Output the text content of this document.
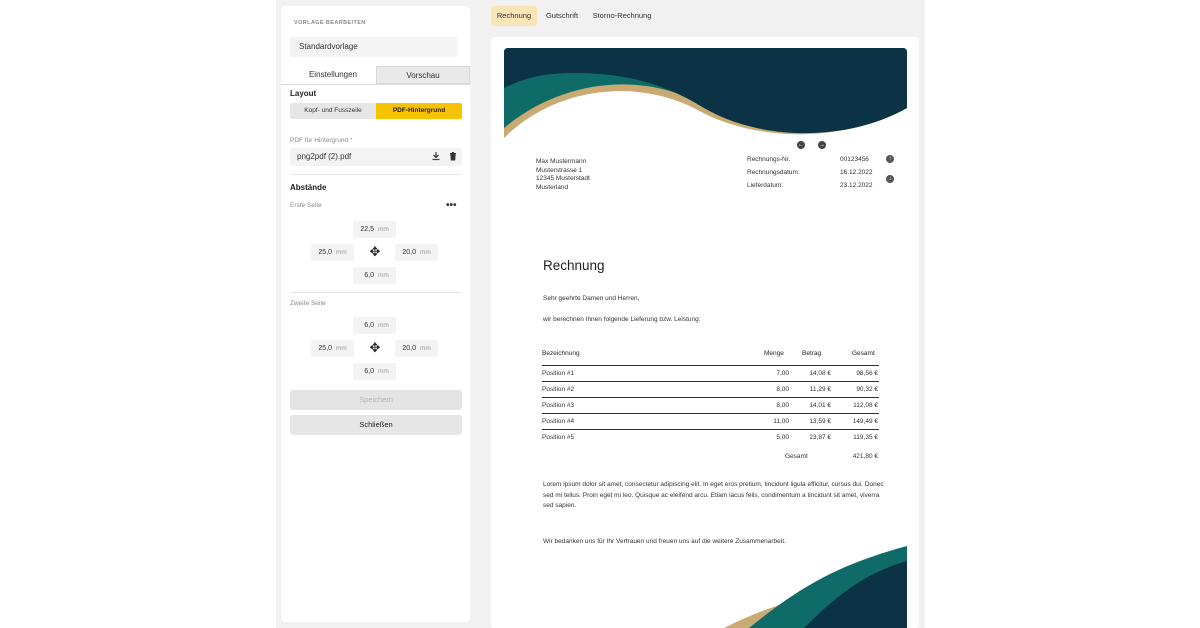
VORLAGE BEARBEITEN
Standardvorlage
Einstellungen	Vorschau
Layout
Kopf- und Fusszeile	PDF-Hintergrund
PDF für Hintergrund *
png2pdf (2).pdf
Abstände
Erste Seite	•••
22,5 mm
25,0 mm ✥	20,0 mm
6,0 mm
Zweite Seite
6,0 mm
25,0 mm ✥	20,0 mm
6,0 mm
Speichern
Schließen
Rechnung	Gutschrift	Storno-Rechnung
←	→
Max Mustermann
Musterstrasse 1
12345 Musterstadt
Musterland
Rechnungs-Nr.	00123456
Rechnungsdatum:	16.12.2022
Lieferdatum:	23.12.2022
↑
↓
Rechnung
Sehr geehrte Damen und Herren,
wir berechnen Ihnen folgende Lieferung bzw. Leistung:
Bezeichnung	Menge	Betrag	Gesamt
Position #1	7,00	14,08 €	98,56 €
Position #2	8,00	11,29 €	90,32 €
Position #3	8,00	14,01 €	112,08 €
Position #4	11,00	13,59 €	149,49 €
Position #5	5,00	23,87 €	119,35 €
Gesamt	421,80 €
Lorem ipsum dolor sit amet, consectetur adipiscing elit. In eget eros pretium, tincidunt ligula efficitur, cursus dui. Donec sed mi tellus. Proin eget mi leo. Quisque ac eleifend arcu. Etiam lacus felis, condimentum a tincidunt sit amet, viverra sed sapien.
Wir bedanken uns für Ihr Vertrauen und freuen uns auf die weitere Zusammenarbeit.
